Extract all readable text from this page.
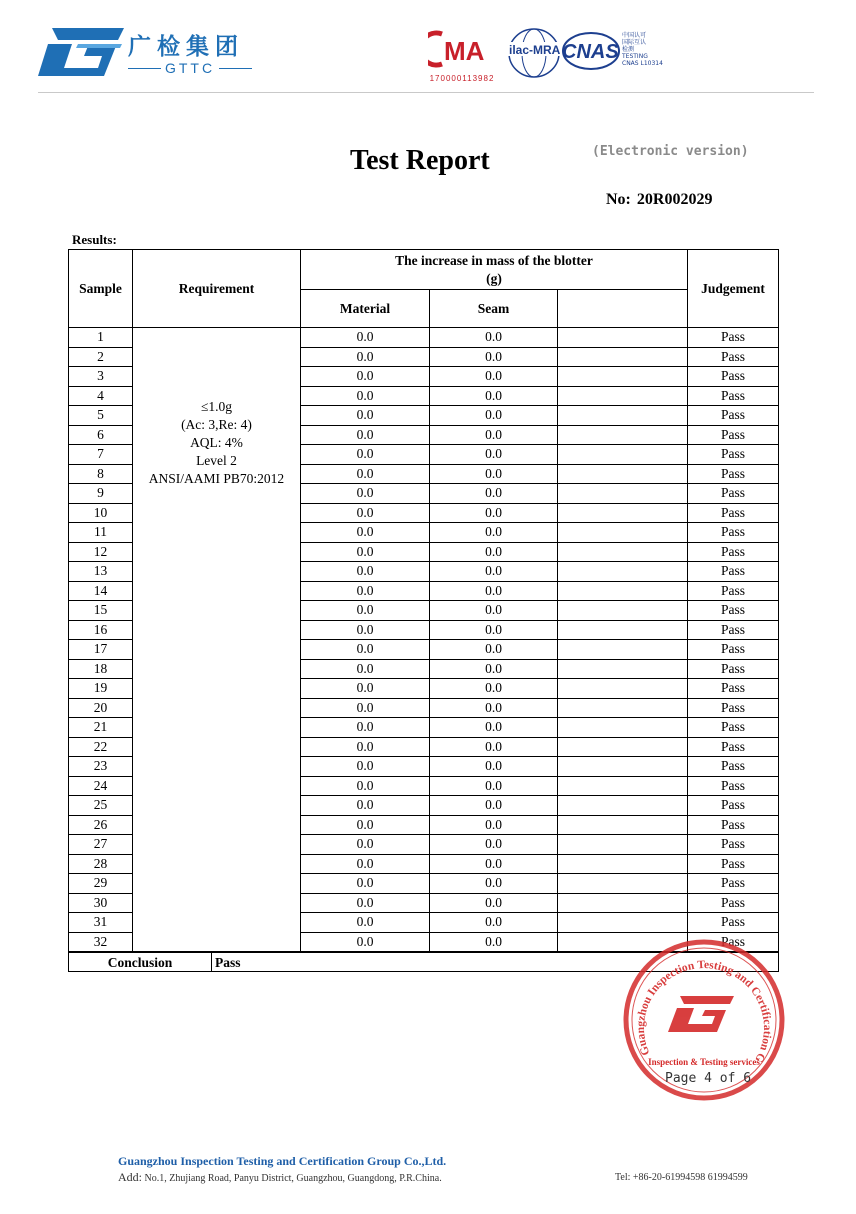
广检集团
GTTC
MA
170000113982
ilac-MRA CNAS
中国认可
国际互认
检测
TESTING
CNAS L10314
Test Report	(Electronic version)
No: 20R002029
Results:
Sample	Requirement	The increase in mass of the blotter
(g)			Judgement
		Material	Seam		
1	≤1.0g
(Ac: 3,Re: 4)
AQL: 4%
Level 2
ANSI/AAMI PB70:2012	0.0	0.0		Pass
2		0.0	0.0		Pass
3		0.0	0.0		Pass
4		0.0	0.0		Pass
5		0.0	0.0		Pass
6		0.0	0.0		Pass
7		0.0	0.0		Pass
8		0.0	0.0		Pass
9		0.0	0.0		Pass
10		0.0	0.0		Pass
11		0.0	0.0		Pass
12		0.0	0.0		Pass
13		0.0	0.0		Pass
14		0.0	0.0		Pass
15		0.0	0.0		Pass
16		0.0	0.0		Pass
17		0.0	0.0		Pass
18		0.0	0.0		Pass
19		0.0	0.0		Pass
20		0.0	0.0		Pass
21		0.0	0.0		Pass
22		0.0	0.0		Pass
23		0.0	0.0		Pass
24		0.0	0.0		Pass
25		0.0	0.0		Pass
26		0.0	0.0		Pass
27		0.0	0.0		Pass
28		0.0	0.0		Pass
29		0.0	0.0		Pass
30		0.0	0.0		Pass
31		0.0	0.0		Pass
32		0.0	0.0		Pass
Conclusion	Pass
Guangzhou Inspection Testing and Certification G
Inspection & Testing services
Page 4 of 6
Guangzhou Inspection Testing and Certification Group Co.,Ltd.
Add: No.1, Zhujiang Road, Panyu District, Guangzhou, Guangdong, P.R.China.	Tel: +86-20-61994598 61994599
